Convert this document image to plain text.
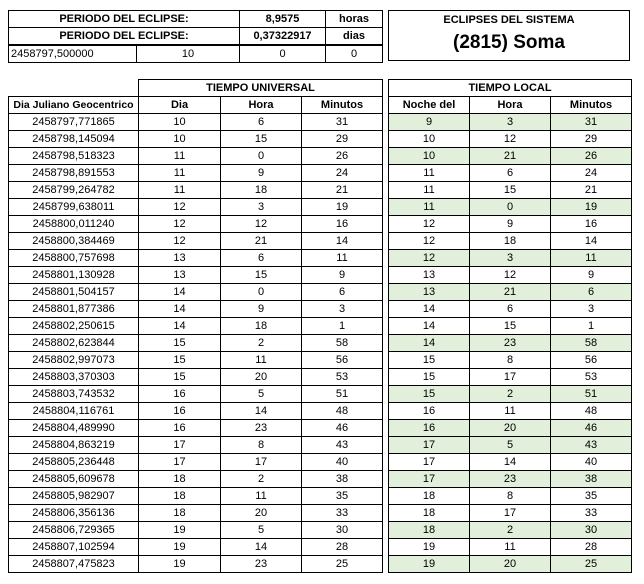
PERIODO DEL ECLIPSE:	8,9575	horas
PERIODO DEL ECLIPSE:	0,37322917	dias
2458797,500000	10	0	0
ECLIPSES DEL SISTEMA
(2815) Soma
	TIEMPO UNIVERSAL		
Dia Juliano Geocentrico	Dia	Hora	Minutos
2458797,771865	10	6	31
2458798,145094	10	15	29
2458798,518323	11	0	26
2458798,891553	11	9	24
2458799,264782	11	18	21
2458799,638011	12	3	19
2458800,011240	12	12	16
2458800,384469	12	21	14
2458800,757698	13	6	11
2458801,130928	13	15	9
2458801,504157	14	0	6
2458801,877386	14	9	3
2458802,250615	14	18	1
2458802,623844	15	2	58
2458802,997073	15	11	56
2458803,370303	15	20	53
2458803,743532	16	5	51
2458804,116761	16	14	48
2458804,489990	16	23	46
2458804,863219	17	8	43
2458805,236448	17	17	40
2458805,609678	18	2	38
2458805,982907	18	11	35
2458806,356136	18	20	33
2458806,729365	19	5	30
2458807,102594	19	14	28
2458807,475823	19	23	25
TIEMPO LOCAL		
Noche del	Hora	Minutos
9	3	31
10	12	29
10	21	26
11	6	24
11	15	21
11	0	19
12	9	16
12	18	14
12	3	11
13	12	9
13	21	6
14	6	3
14	15	1
14	23	58
15	8	56
15	17	53
15	2	51
16	11	48
16	20	46
17	5	43
17	14	40
17	23	38
18	8	35
18	17	33
18	2	30
19	11	28
19	20	25
